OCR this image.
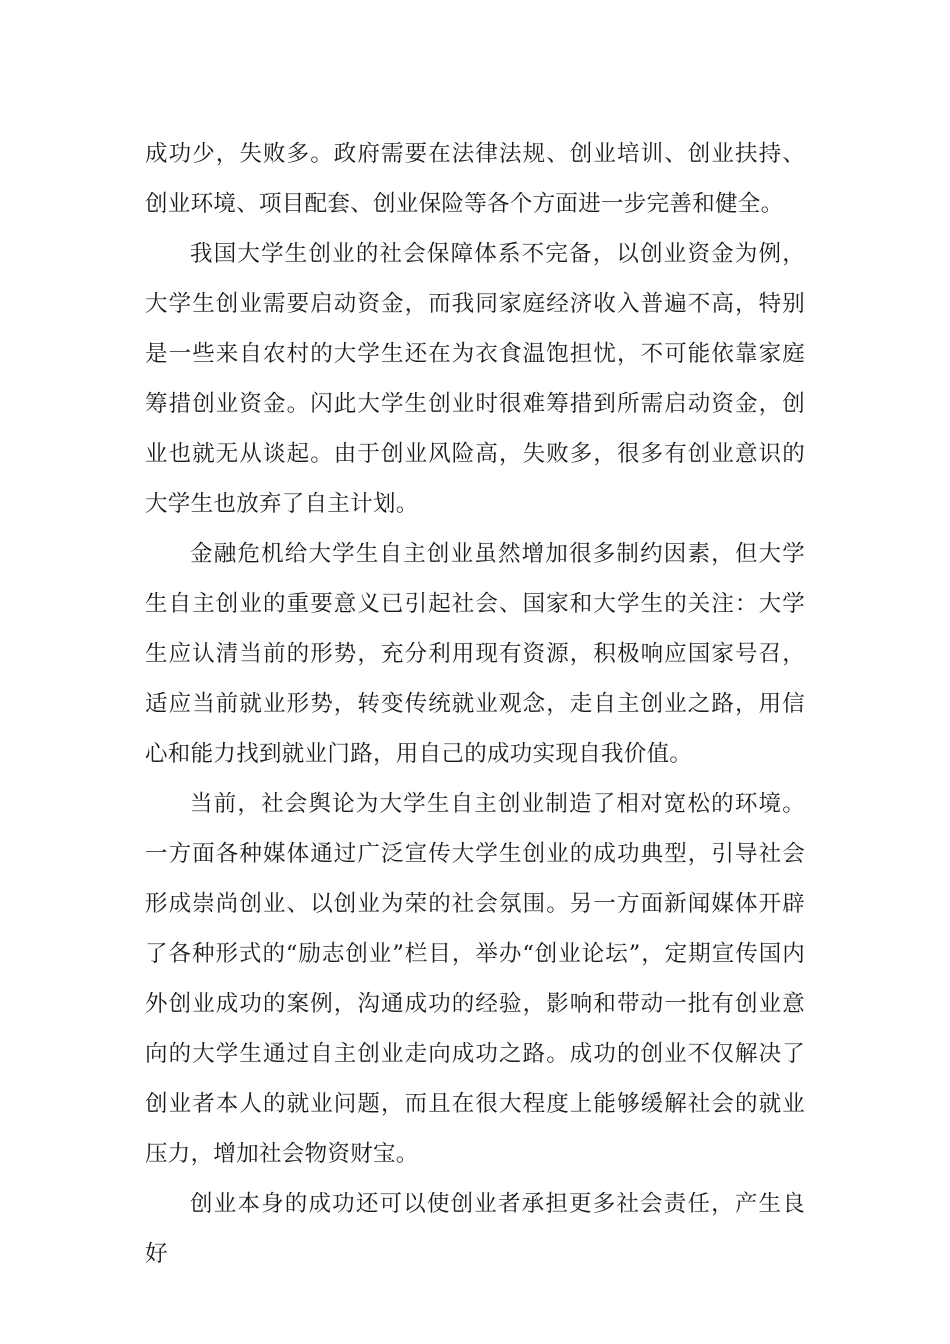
成功少，失败多。政府需要在法律法规、创业培训、创业扶持、创业环境、项目配套、创业保险等各个方面进一步完善和健全。

我国大学生创业的社会保障体系不完备，以创业资金为例，大学生创业需要启动资金，而我同家庭经济收入普遍不高，特别是一些来自农村的大学生还在为衣食温饱担忧，不可能依靠家庭筹措创业资金。闪此大学生创业时很难筹措到所需启动资金，创业也就无从谈起。由于创业风险高，失败多，很多有创业意识的大学生也放弃了自主计划。

金融危机给大学生自主创业虽然增加很多制约因素，但大学生自主创业的重要意义已引起社会、国家和大学生的关注：大学生应认清当前的形势，充分利用现有资源，积极响应国家号召，适应当前就业形势，转变传统就业观念，走自主创业之路，用信心和能力找到就业门路，用自己的成功实现自我价值。

当前，社会舆论为大学生自主创业制造了相对宽松的环境。一方面各种媒体通过广泛宣传大学生创业的成功典型，引导社会形成崇尚创业、以创业为荣的社会氛围。另一方面新闻媒体开辟了各种形式的“励志创业”栏目，举办“创业论坛”，定期宣传国内外创业成功的案例，沟通成功的经验，影响和带动一批有创业意向的大学生通过自主创业走向成功之路。成功的创业不仅解决了创业者本人的就业问题，而且在很大程度上能够缓解社会的就业压力，增加社会物资财宝。

创业本身的成功还可以使创业者承担更多社会责任，产生良好
